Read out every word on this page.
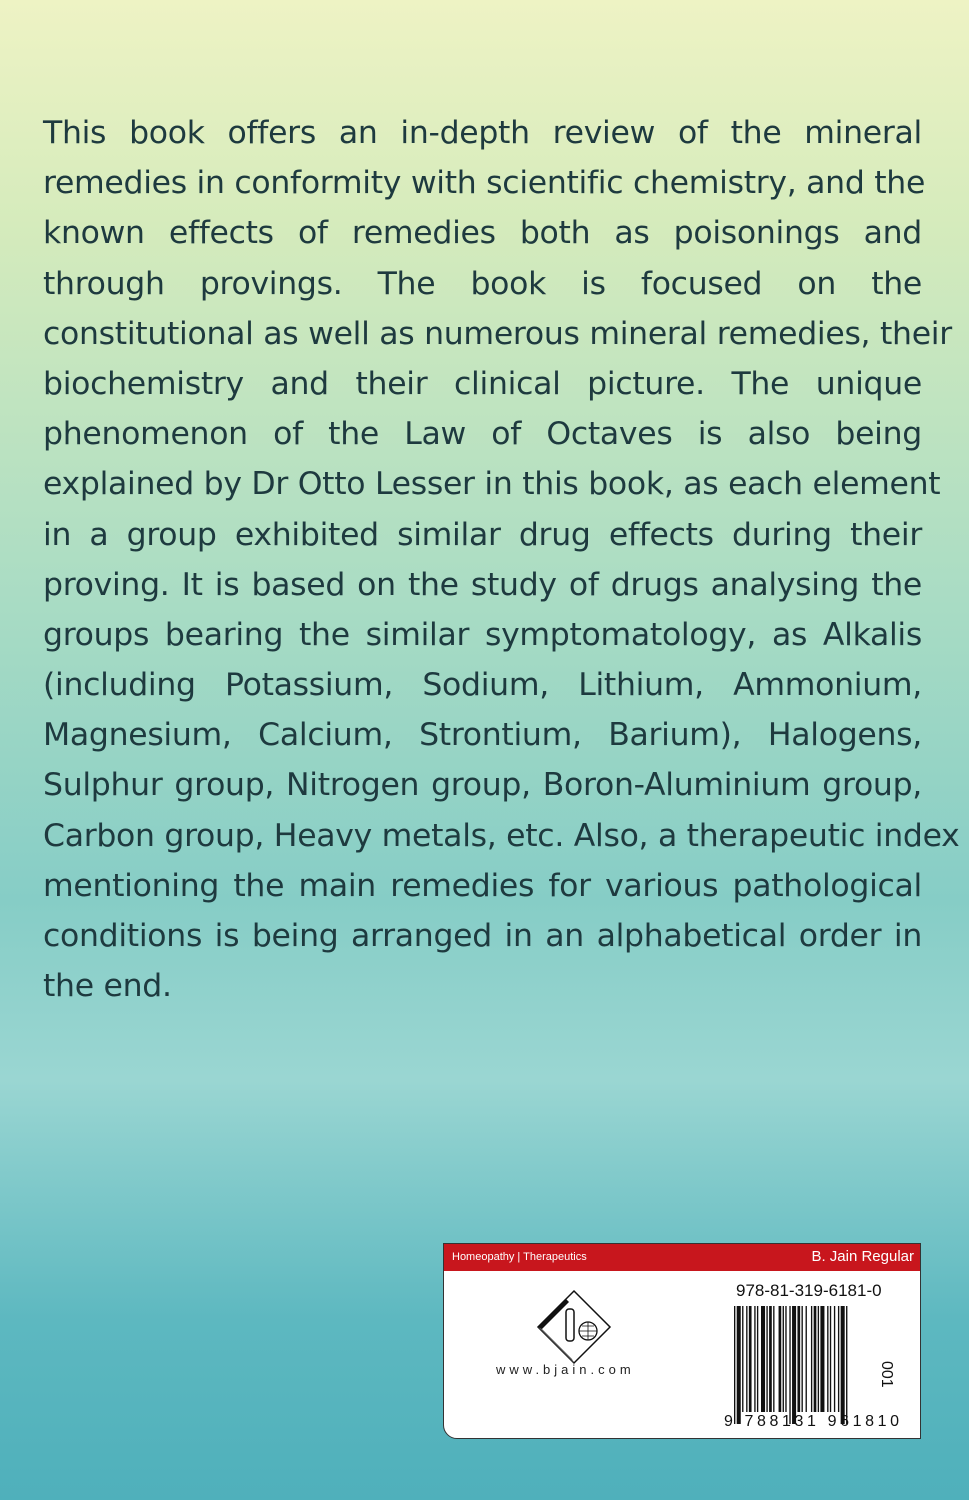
This book offers an in-depth review of the mineral
remedies in conformity with scientific chemistry, and the
known effects of remedies both as poisonings and
through provings. The book is focused on the
constitutional as well as numerous mineral remedies, their
biochemistry and their clinical picture. The unique
phenomenon of the Law of Octaves is also being
explained by Dr Otto Lesser in this book, as each element
in a group exhibited similar drug effects during their
proving. It is based on the study of drugs analysing the
groups bearing the similar symptomatology, as Alkalis
(including Potassium, Sodium, Lithium, Ammonium,
Magnesium, Calcium, Strontium, Barium), Halogens,
Sulphur group, Nitrogen group, Boron-Aluminium group,
Carbon group, Heavy metals, etc. Also, a therapeutic index
mentioning the main remedies for various pathological
conditions is being arranged in an alphabetical order in
the end.
Homeopathy | Therapeutics	B. Jain Regular
www.bjain.com
978-81-319-6181-0
9 788131 961810
001
